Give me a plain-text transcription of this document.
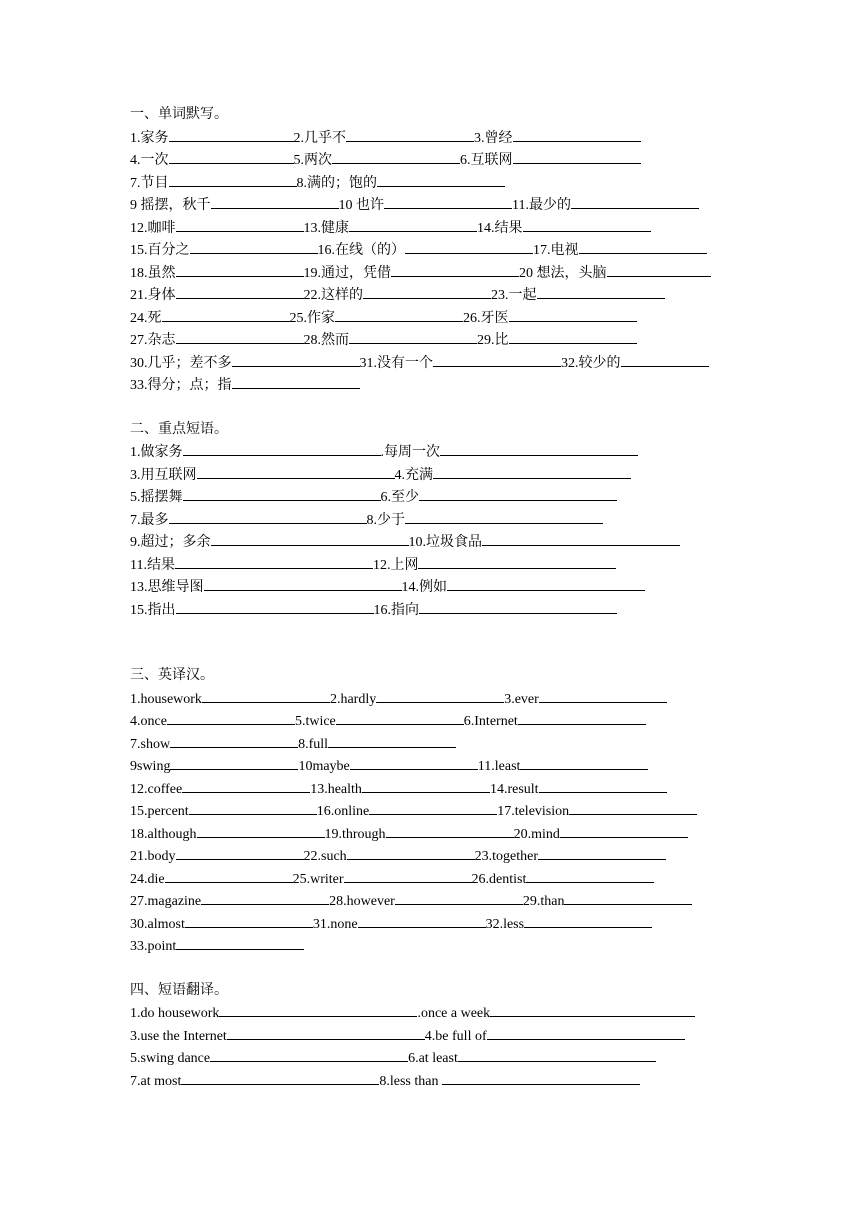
一、单词默写。
1.家务	2.几乎不	3.曾经
4.一次	5.两次	6.互联网
7.节目	8.满的；饱的
9 摇摆，秋千	10 也许	11.最少的
12.咖啡	13.健康	14.结果
15.百分之	16.在线（的）	17.电视
18.虽然	19.通过，凭借	20 想法，头脑
21.身体	22.这样的	23.一起
24.死	25.作家	26.牙医
27.杂志	28.然而	29.比
30.几乎；差不多	31.没有一个	32.较少的
33.得分；点；指
二、重点短语。
1.做家务	.每周一次
3.用互联网	4.充满
5.摇摆舞	6.至少
7.最多	8.少于
9.超过；多余	10.垃圾食品
11.结果	12.上网
13.思维导图	14.例如
15.指出	16.指向
三、英译汉。
1.housework	2.hardly	3.ever
4.once	5.twice	6.Internet
7.show	8.full
9swing	10maybe	11.least
12.coffee	13.health	14.result
15.percent	16.online	17.television
18.although	19.through	20.mind
21.body	22.such	23.together
24.die	25.writer	26.dentist
27.magazine	28.however	29.than
30.almost	31.none	32.less
33.point
四、短语翻译。
1.do housework	.once a week
3.use the Internet	4.be full of
5.swing dance	6.at least
7.at most	8.less than
